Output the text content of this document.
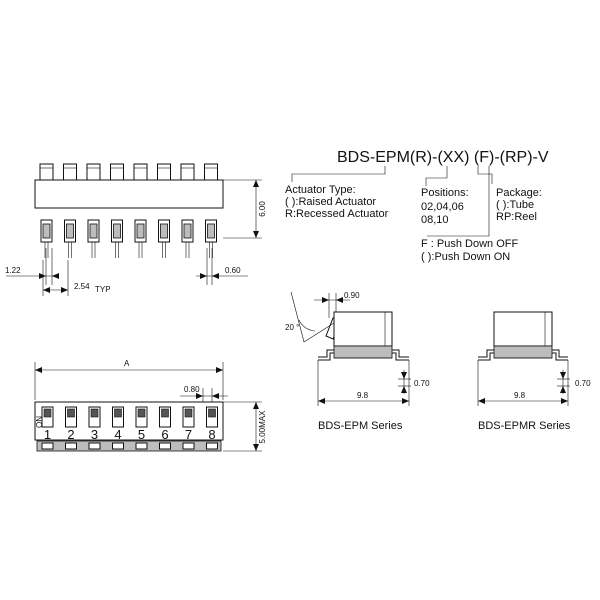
6.00
1.22
2.54 TYP
0.60
BDS-EPM(R)-(XX) (F)-(RP)-V
Actuator Type:
( ):Raised Actuator
R:Recessed Actuator
Positions:
02,04,06
08,10
Package:
( ):Tube
RP:Reel
F : Push Down OFF
( ):Push Down ON
A
0.80
1 2 3 4 5 6 7 8
ON	5.00MAX
0.90
20 °
9.8
0.70
BDS-EPM Series
9.8
0.70
BDS-EPMR Series
